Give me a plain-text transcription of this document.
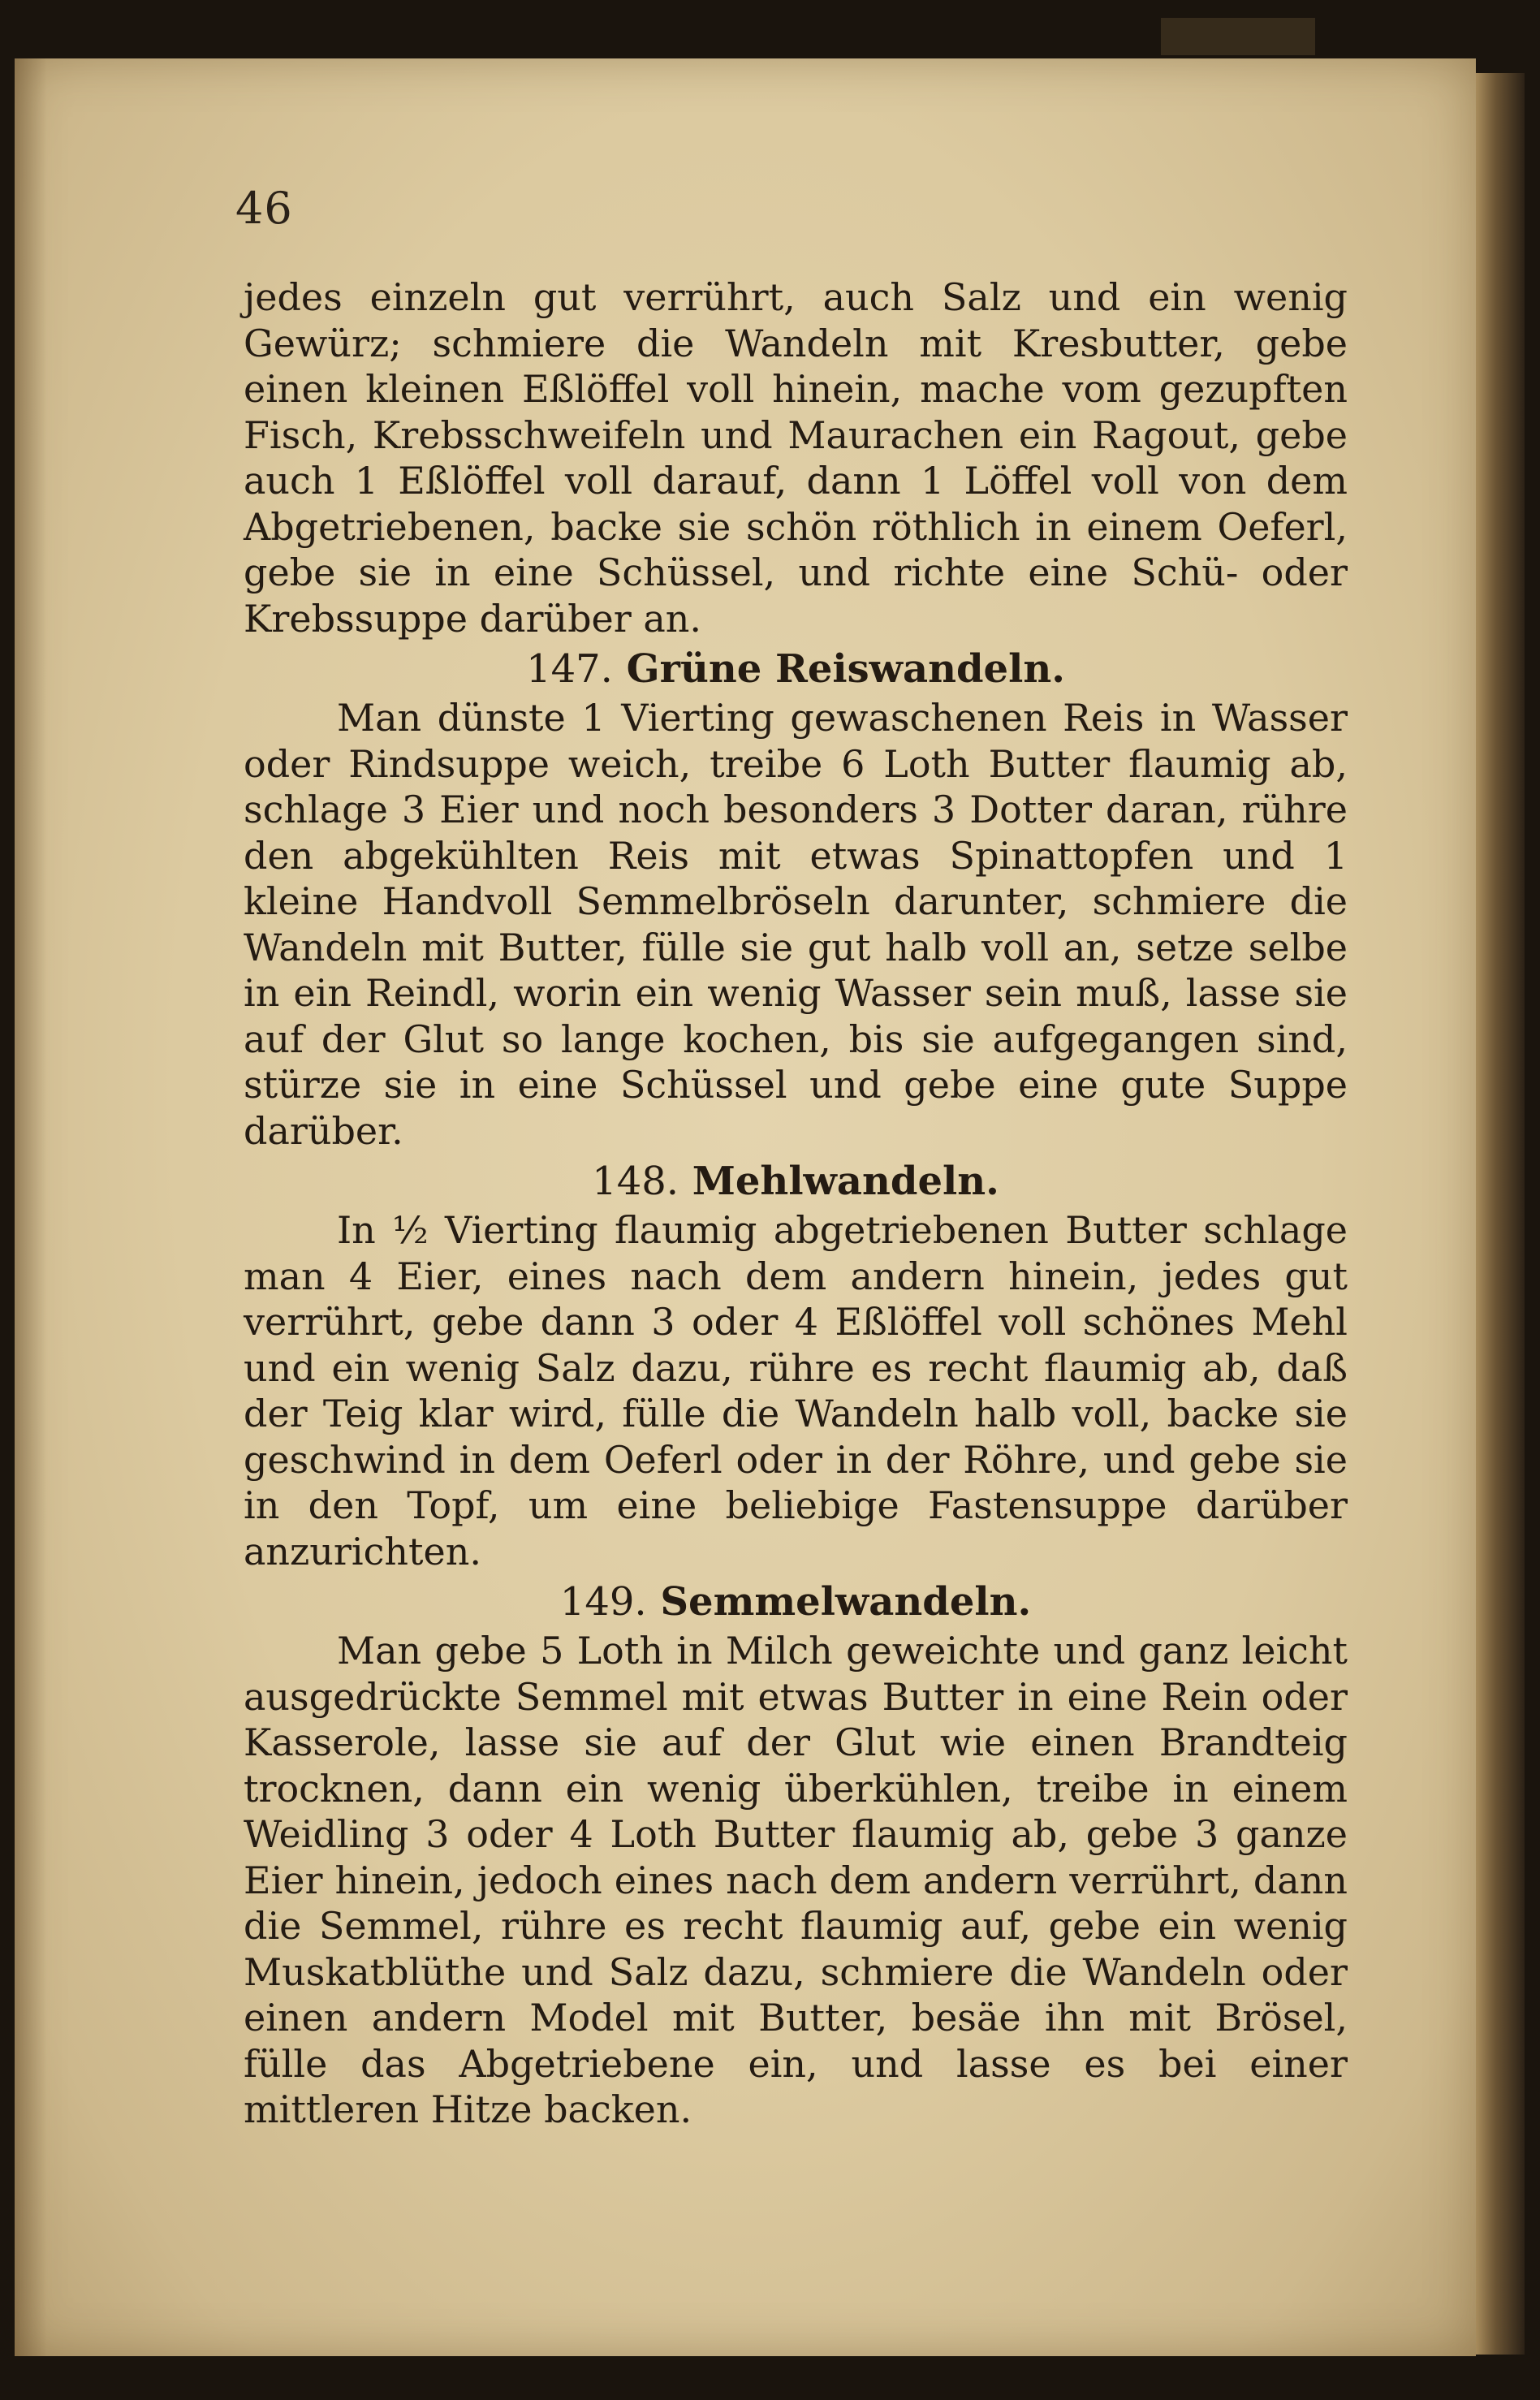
46

jedes einzeln gut verrührt, auch Salz und ein wenig Gewürz; schmiere die Wandeln mit Kresbutter, gebe einen kleinen Eßlöffel voll hinein, mache vom gezupften Fisch, Krebsschweifeln und Maurachen ein Ragout, gebe auch 1 Eßlöffel voll darauf, dann 1 Löffel voll von dem Abgetriebenen, backe sie schön röthlich in einem Oeferl, gebe sie in eine Schüssel, und richte eine Schü- oder Krebssuppe darüber an.

147. Grüne Reiswandeln.

Man dünste 1 Vierting gewaschenen Reis in Wasser oder Rindsuppe weich, treibe 6 Loth Butter flaumig ab, schlage 3 Eier und noch besonders 3 Dotter daran, rühre den abgekühlten Reis mit etwas Spinattopfen und 1 kleine Handvoll Semmelbröseln darunter, schmiere die Wandeln mit Butter, fülle sie gut halb voll an, setze selbe in ein Reindl, worin ein wenig Wasser sein muß, lasse sie auf der Glut so lange kochen, bis sie aufgegangen sind, stürze sie in eine Schüssel und gebe eine gute Suppe darüber.

148. Mehlwandeln.

In ½ Vierting flaumig abgetriebenen Butter schlage man 4 Eier, eines nach dem andern hinein, jedes gut verrührt, gebe dann 3 oder 4 Eßlöffel voll schönes Mehl und ein wenig Salz dazu, rühre es recht flaumig ab, daß der Teig klar wird, fülle die Wandeln halb voll, backe sie geschwind in dem Oeferl oder in der Röhre, und gebe sie in den Topf, um eine beliebige Fastensuppe darüber anzurichten.

149. Semmelwandeln.

Man gebe 5 Loth in Milch geweichte und ganz leicht ausgedrückte Semmel mit etwas Butter in eine Rein oder Kasserole, lasse sie auf der Glut wie einen Brandteig trocknen, dann ein wenig überkühlen, treibe in einem Weidling 3 oder 4 Loth Butter flaumig ab, gebe 3 ganze Eier hinein, jedoch eines nach dem andern verrührt, dann die Semmel, rühre es recht flaumig auf, gebe ein wenig Muskatblüthe und Salz dazu, schmiere die Wandeln oder einen andern Model mit Butter, besäe ihn mit Brösel, fülle das Abgetriebene ein, und lasse es bei einer mittleren Hitze backen.
